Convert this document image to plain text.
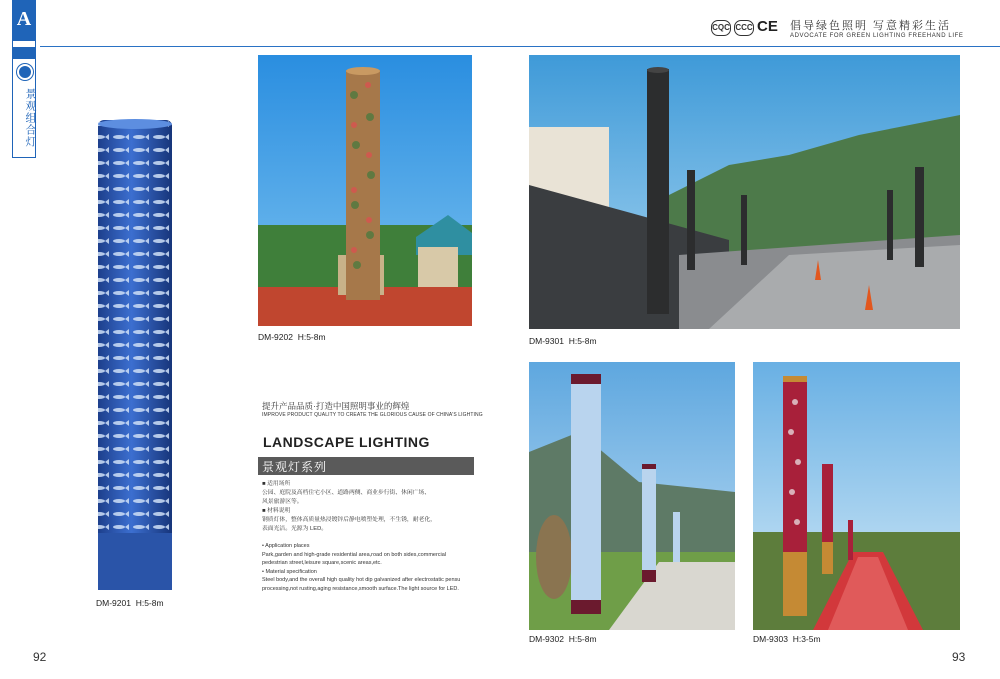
A
景观组合灯
CQC CCC CE 倡导绿色照明 写意精彩生活
ADVOCATE FOR GREEN LIGHTING FREEHAND LIFE
DM-9201 H:5-8m
DM-9202 H:5-8m	DM-9301 H:5-8m
DM-9302 H:5-8m	DM-9303 H:3-5m
提升产品品质·打造中国照明事业的辉煌
IMPROVE PRODUCT QUALITY TO CREATE THE GLORIOUS CAUSE OF CHINA'S LIGHTING
LANDSCAPE LIGHTING
景观灯系列
■ 适用场所
公园、庭院及高档住宅小区、道路两侧、商业步行街、休闲广场、
风景旅游区等。
■ 材料说明
钢质灯体，整体高质量热浸镀锌后静电喷塑处理，不生锈，耐老化，
表面光洁。光源为 LED。
• Application places
Park,garden and high-grade residential area,road on both sides,commercial
pedestrian street,leisure square,scenic areas,etc.
• Material specification
Steel body,and the overall high quality hot dip galvanized after electrostatic pensu
processing,not rusting,aging resistance,smooth surface.The light source for LED.
92	93
